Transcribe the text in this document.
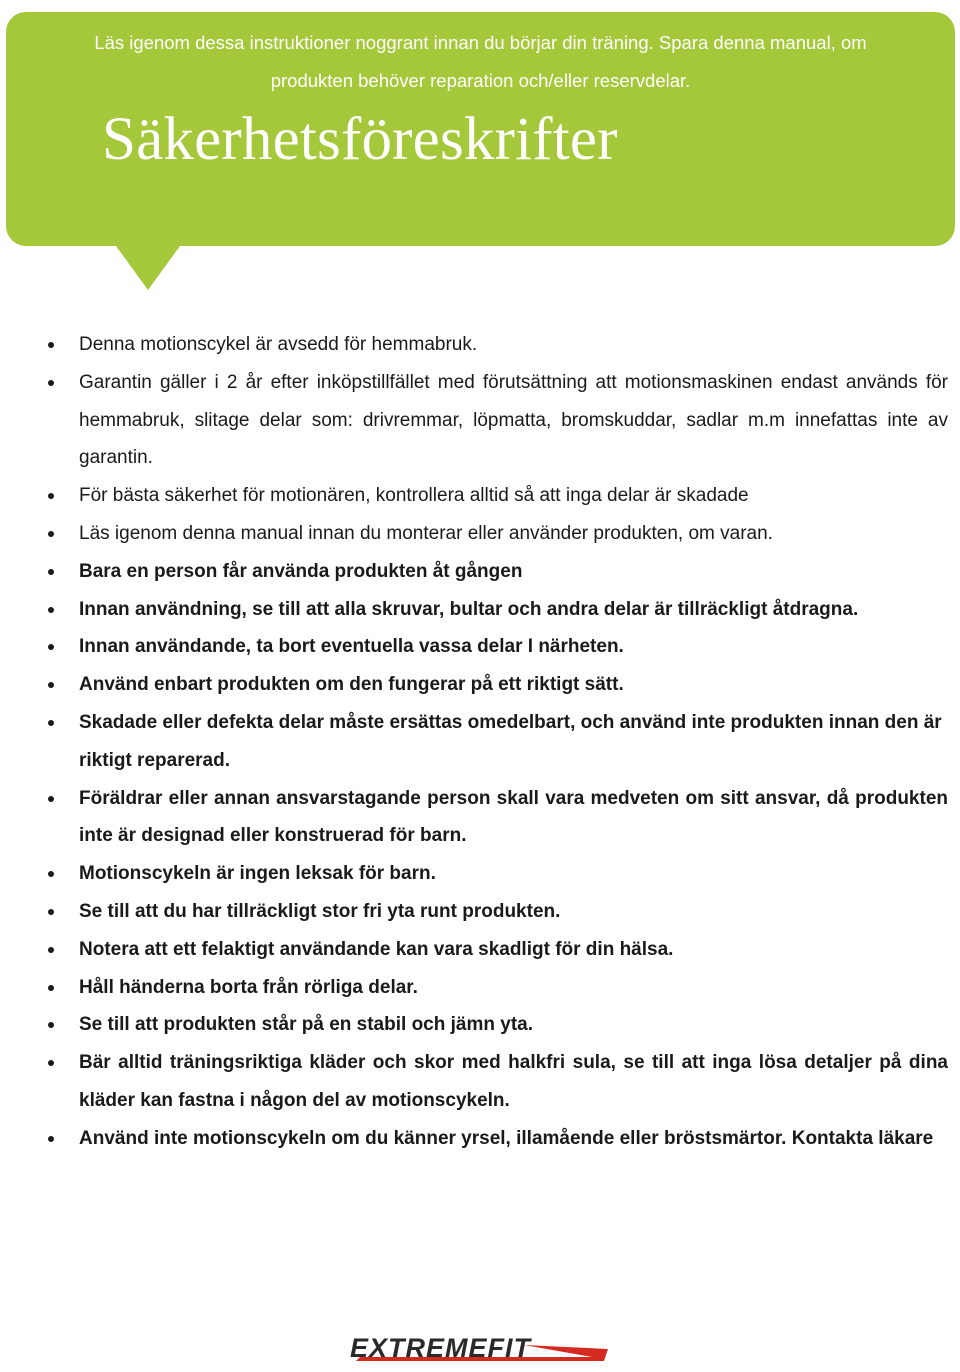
Läs igenom dessa instruktioner noggrant innan du börjar din träning. Spara denna manual, om
produkten behöver reparation och/eller reservdelar.

Säkerhetsföreskrifter
Denna motionscykel är avsedd för hemmabruk.
Garantin gäller i 2 år efter inköpstillfället med förutsättning att motionsmaskinen endast används för hemmabruk, slitage delar som: drivremmar, löpmatta, bromskuddar, sadlar m.m innefattas inte av garantin.
För bästa säkerhet för motionären, kontrollera alltid så att inga delar är skadade
Läs igenom denna manual innan du monterar eller använder produkten, om varan.
Bara en person får använda produkten åt gången
Innan användning, se till att alla skruvar, bultar och andra delar är tillräckligt åtdragna.
Innan användande, ta bort eventuella vassa delar I närheten.
Använd enbart produkten om den fungerar på ett riktigt sätt.
Skadade eller defekta delar måste ersättas omedelbart, och använd inte produkten innan den är riktigt reparerad.
Föräldrar eller annan ansvarstagande person skall vara medveten om sitt ansvar, då produkten inte är designad eller konstruerad för barn.
Motionscykeln är ingen leksak för barn.
Se till att du har tillräckligt stor fri yta runt produkten.
Notera att ett felaktigt användande kan vara skadligt för din hälsa.
Håll händerna borta från rörliga delar.
Se till att produkten står på en stabil och jämn yta.
Bär alltid träningsriktiga kläder och skor med halkfri sula, se till att inga lösa detaljer på dina kläder kan fastna i någon del av motionscykeln.
Använd inte motionscykeln om du känner yrsel, illamående eller bröstsmärtor. Kontakta läkare
EXTREMEFIT
